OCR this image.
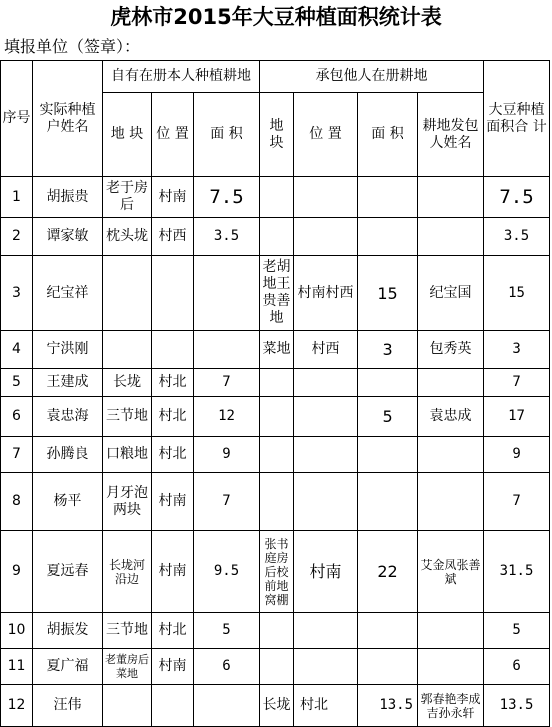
虎林市2015年大豆种植面积统计表
填报单位（签章）：
序号	实际种植户姓名	自有在册本人种植耕地			承包他人在册耕地				大豆种植面积合 计
		地 块	位 置	面 积	地 块	位 置	面 积	耕地发包人姓名	
1	胡振贵	老于房后	村南	7.5					7.5
2	谭家敏	枕头垅	村西	3.5					3.5
3	纪宝祥				老胡地王贵善地	村南村西	15	纪宝国	15
4	宁洪刚				菜地	村西	3	包秀英	3
5	王建成	长垅	村北	7					7
6	袁忠海	三节地	村北	12			5	袁忠成	17
7	孙腾良	口粮地	村北	9					9
8	杨平	月牙泡两块	村南	7					7
9	夏远春	长垅河沿边	村南	9.5	张书庭房后校前地窝棚	村南	22	艾金凤张善斌	31.5
10	胡振发	三节地	村北	5					5
11	夏广福	老董房后菜地	村南	6					6
12	汪伟				长垅	村北	13.5	郭春艳李成吉孙永轩	13.5
